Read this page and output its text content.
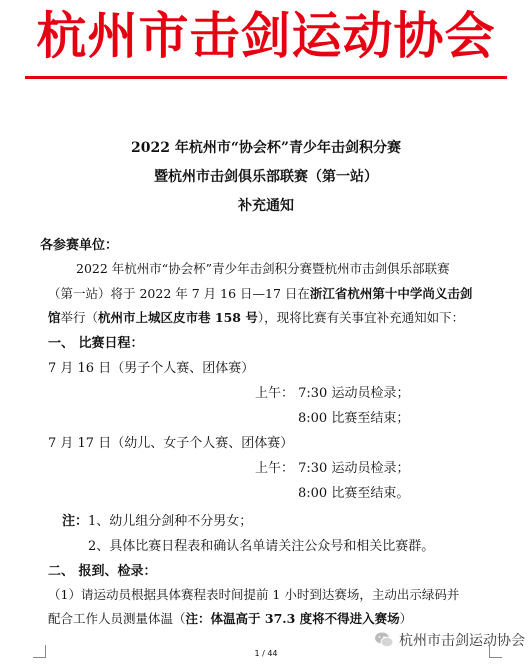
杭州市击剑运动协会
2022 年杭州市“协会杯”青少年击剑积分赛
暨杭州市击剑俱乐部联赛（第一站）
补充通知
各参赛单位：
2022 年杭州市“协会杯”青少年击剑积分赛暨杭州市击剑俱乐部联赛
（第一站）将于 2022 年 7 月 16 日—17 日在浙江省杭州第十中学尚义击剑
馆举行（杭州市上城区皮市巷 158 号），现将比赛有关事宜补充通知如下：
一、 比赛日程：
7 月 16 日（男子个人赛、团体赛）
上午： 7:30 运动员检录；
8:00 比赛至结束；
7 月 17 日（幼儿、女子个人赛、团体赛）
上午： 7:30 运动员检录；
8:00 比赛至结束。
注：1、幼儿组分剑种不分男女；
2、具体比赛日程表和确认名单请关注公众号和相关比赛群。
二、 报到、检录：
（1）请运动员根据具体赛程表时间提前 1 小时到达赛场，主动出示绿码并
配合工作人员测量体温（注：体温高于 37.3 度将不得进入赛场）
1 / 44
杭州市击剑运动协会
